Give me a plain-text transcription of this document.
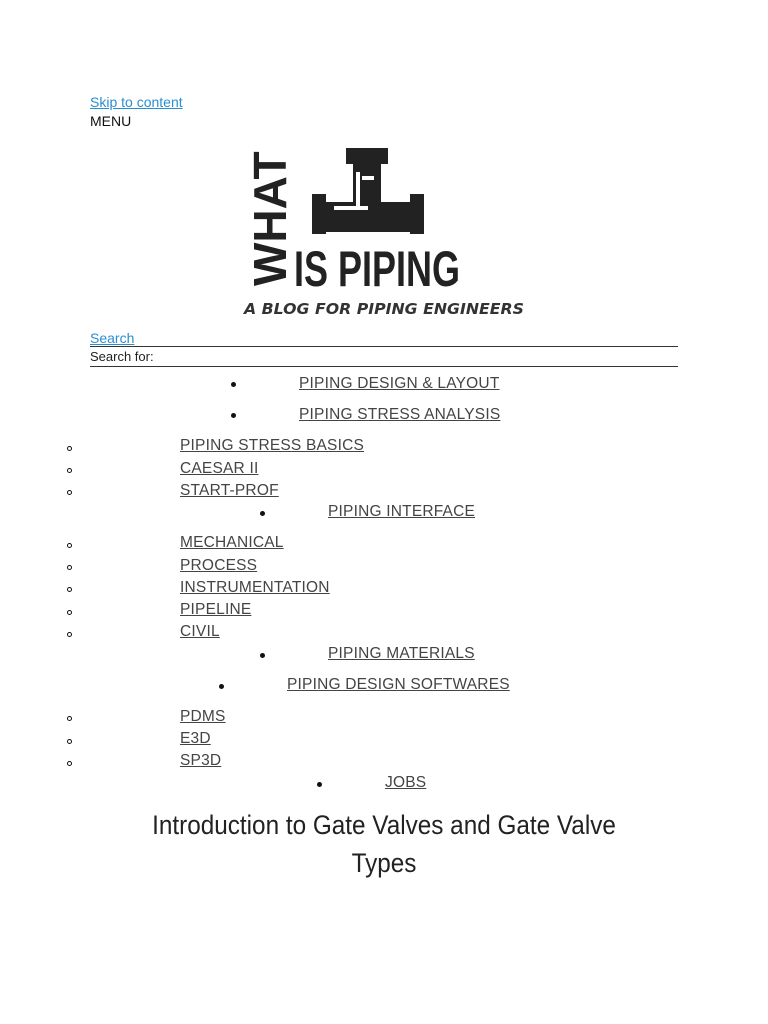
Skip to content
MENU
WHAT
IS PIPING
A BLOG FOR PIPING ENGINEERS
Search
Search for:
PIPING DESIGN & LAYOUT
PIPING STRESS ANALYSIS
PIPING STRESS BASICS
CAESAR II
START-PROF
PIPING INTERFACE
MECHANICAL
PROCESS
INSTRUMENTATION
PIPELINE
CIVIL
PIPING MATERIALS
PIPING DESIGN SOFTWARES
PDMS
E3D
SP3D
JOBS
Introduction to Gate Valves and Gate Valve
Types
